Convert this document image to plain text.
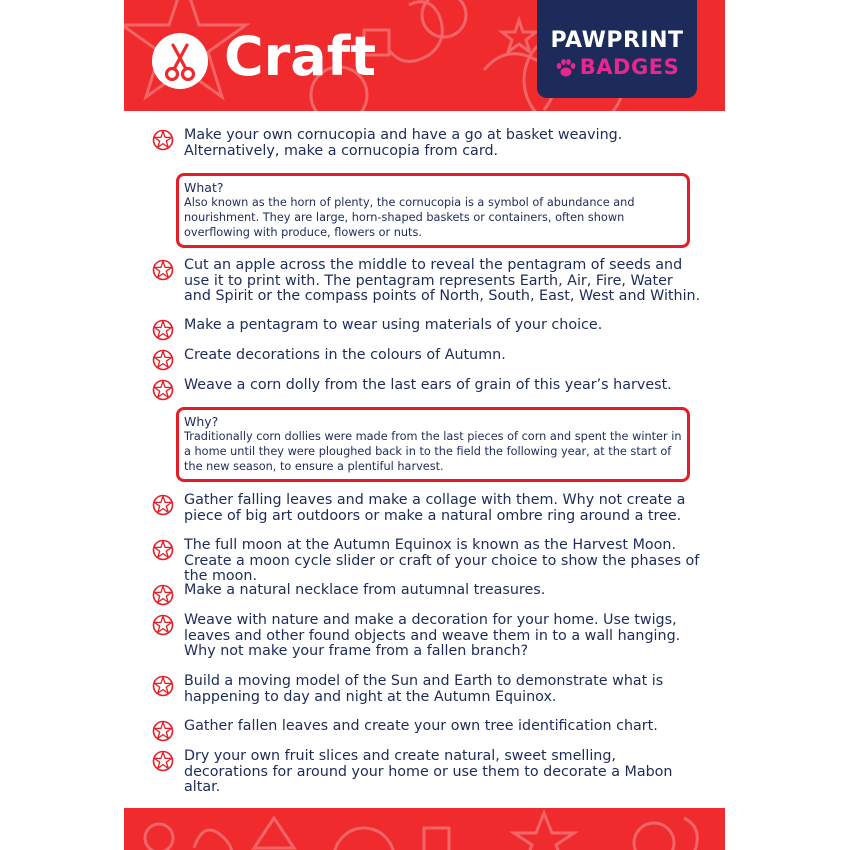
Craft	PAWPRINT
BADGES
Make your own cornucopia and have a go at basket weaving. Alternatively, make a cornucopia from card.
What?
Also known as the horn of plenty, the cornucopia is a symbol of abundance and nourishment. They are large, horn-shaped baskets or containers, often shown overflowing with produce, flowers or nuts.
Cut an apple across the middle to reveal the pentagram of seeds and use it to print with. The pentagram represents Earth, Air, Fire, Water and Spirit or the compass points of North, South, East, West and Within.
Make a pentagram to wear using materials of your choice.
Create decorations in the colours of Autumn.
Weave a corn dolly from the last ears of grain of this year’s harvest.
Why?
Traditionally corn dollies were made from the last pieces of corn and spent the winter in a home until they were ploughed back in to the field the following year, at the start of the new season, to ensure a plentiful harvest.
Gather falling leaves and make a collage with them. Why not create a piece of big art outdoors or make a natural ombre ring around a tree.
The full moon at the Autumn Equinox is known as the Harvest Moon. Create a moon cycle slider or craft of your choice to show the phases of the moon.
Make a natural necklace from autumnal treasures.
Weave with nature and make a decoration for your home. Use twigs, leaves and other found objects and weave them in to a wall hanging. Why not make your frame from a fallen branch?
Build a moving model of the Sun and Earth to demonstrate what is happening to day and night at the Autumn Equinox.
Gather fallen leaves and create your own tree identification chart.
Dry your own fruit slices and create natural, sweet smelling, decorations for around your home or use them to decorate a Mabon altar.
